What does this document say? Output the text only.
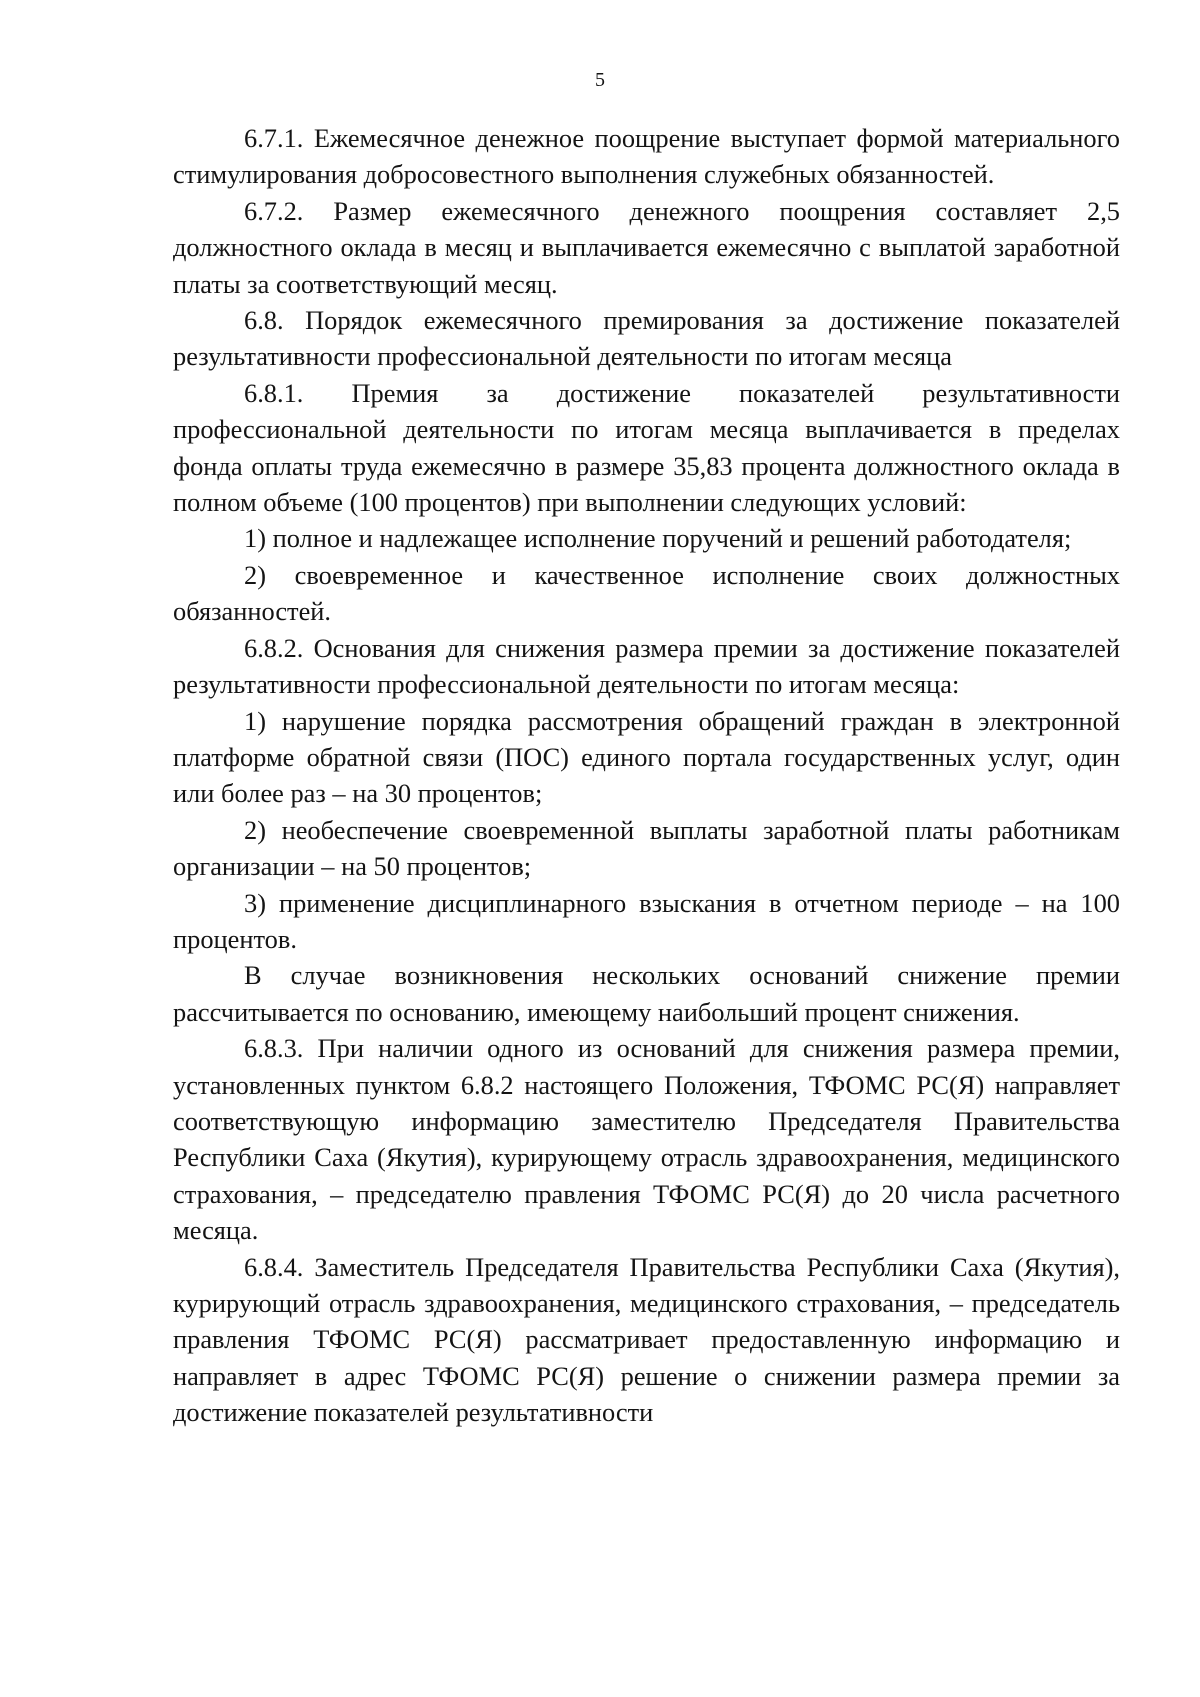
5

6.7.1. Ежемесячное денежное поощрение выступает формой материального стимулирования добросовестного выполнения служебных обязанностей.

6.7.2. Размер ежемесячного денежного поощрения составляет 2,5 должностного оклада в месяц и выплачивается ежемесячно с выплатой заработной платы за соответствующий месяц.

6.8. Порядок ежемесячного премирования за достижение показателей результативности профессиональной деятельности по итогам месяца

6.8.1. Премия за достижение показателей результативности профессиональной деятельности по итогам месяца выплачивается в пределах фонда оплаты труда ежемесячно в размере 35,83 процента должностного оклада в полном объеме (100 процентов) при выполнении следующих условий:

1) полное и надлежащее исполнение поручений и решений работодателя;

2) своевременное и качественное исполнение своих должностных обязанностей.

6.8.2. Основания для снижения размера премии за достижение показателей результативности профессиональной деятельности по итогам месяца:

1) нарушение порядка рассмотрения обращений граждан в электронной платформе обратной связи (ПОС) единого портала государственных услуг, один или более раз – на 30 процентов;

2) необеспечение своевременной выплаты заработной платы работникам организации – на 50 процентов;

3) применение дисциплинарного взыскания в отчетном периоде – на 100 процентов.

В случае возникновения нескольких оснований снижение премии рассчитывается по основанию, имеющему наибольший процент снижения.

6.8.3. При наличии одного из оснований для снижения размера премии, установленных пунктом 6.8.2 настоящего Положения, ТФОМС РС(Я) направляет соответствующую информацию заместителю Председателя Правительства Республики Саха (Якутия), курирующему отрасль здравоохранения, медицинского страхования, – председателю правления ТФОМС РС(Я) до 20 числа расчетного месяца.

6.8.4. Заместитель Председателя Правительства Республики Саха (Якутия), курирующий отрасль здравоохранения, медицинского страхования, – председатель правления ТФОМС РС(Я) рассматривает предоставленную информацию и направляет в адрес ТФОМС РС(Я) решение о снижении размера премии за достижение показателей результативности
